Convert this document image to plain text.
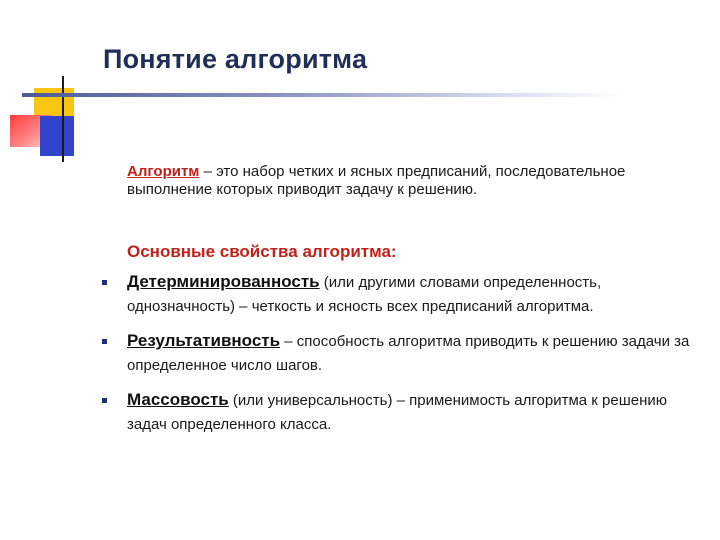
Понятие алгоритма
Алгоритм – это набор четких и ясных предписаний, последовательное выполнение которых приводит задачу к решению.
Основные свойства алгоритма:
Детерминированность (или другими словами определенность, однозначность) – четкость и ясность всех предписаний алгоритма.
Результативность – способность алгоритма приводить к решению задачи за определенное число шагов.
Массовость (или универсальность) – применимость алгоритма к решению задач определенного класса.
